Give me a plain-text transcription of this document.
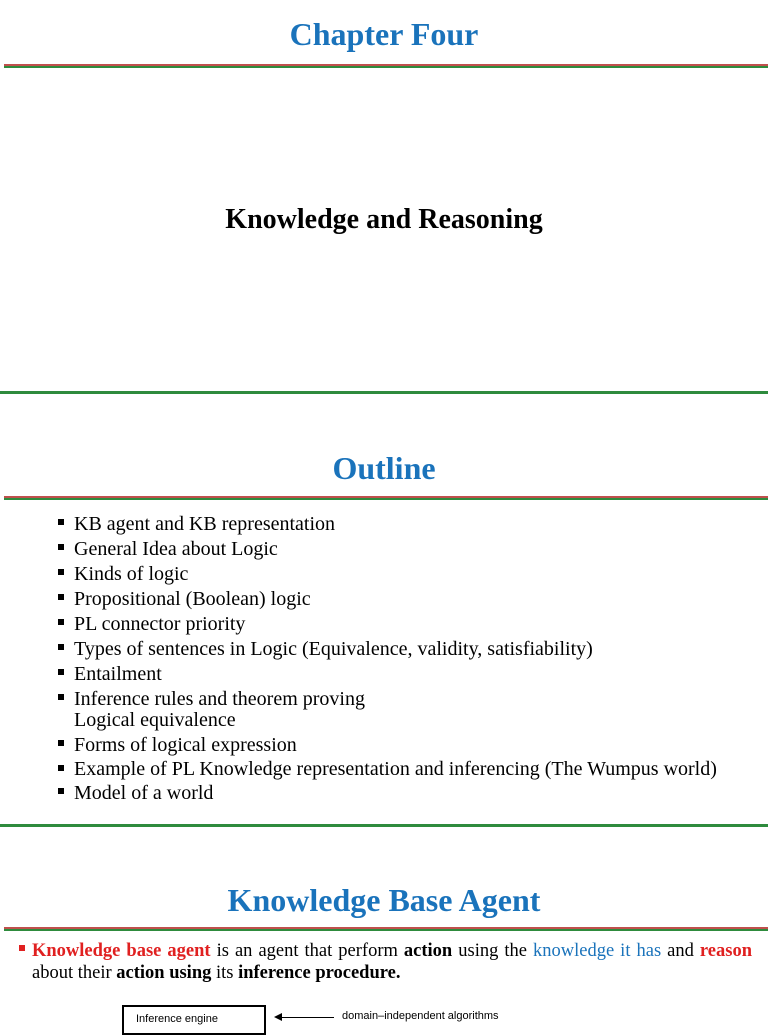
Chapter Four
Knowledge and Reasoning
Outline
KB agent and KB representation
General Idea about Logic
Kinds of logic
Propositional (Boolean) logic
PL connector priority
Types of sentences in Logic (Equivalence, validity, satisfiability)
Entailment
Inference rules and theorem proving
Logical equivalence
Forms of logical expression
Example of PL Knowledge representation and inferencing (The Wumpus world)
Model of a world
Knowledge Base Agent
Knowledge base agent is an agent that perform action using the knowledge it has and reason about their action using its inference procedure.
Inference engine	domain–independent algorithms
